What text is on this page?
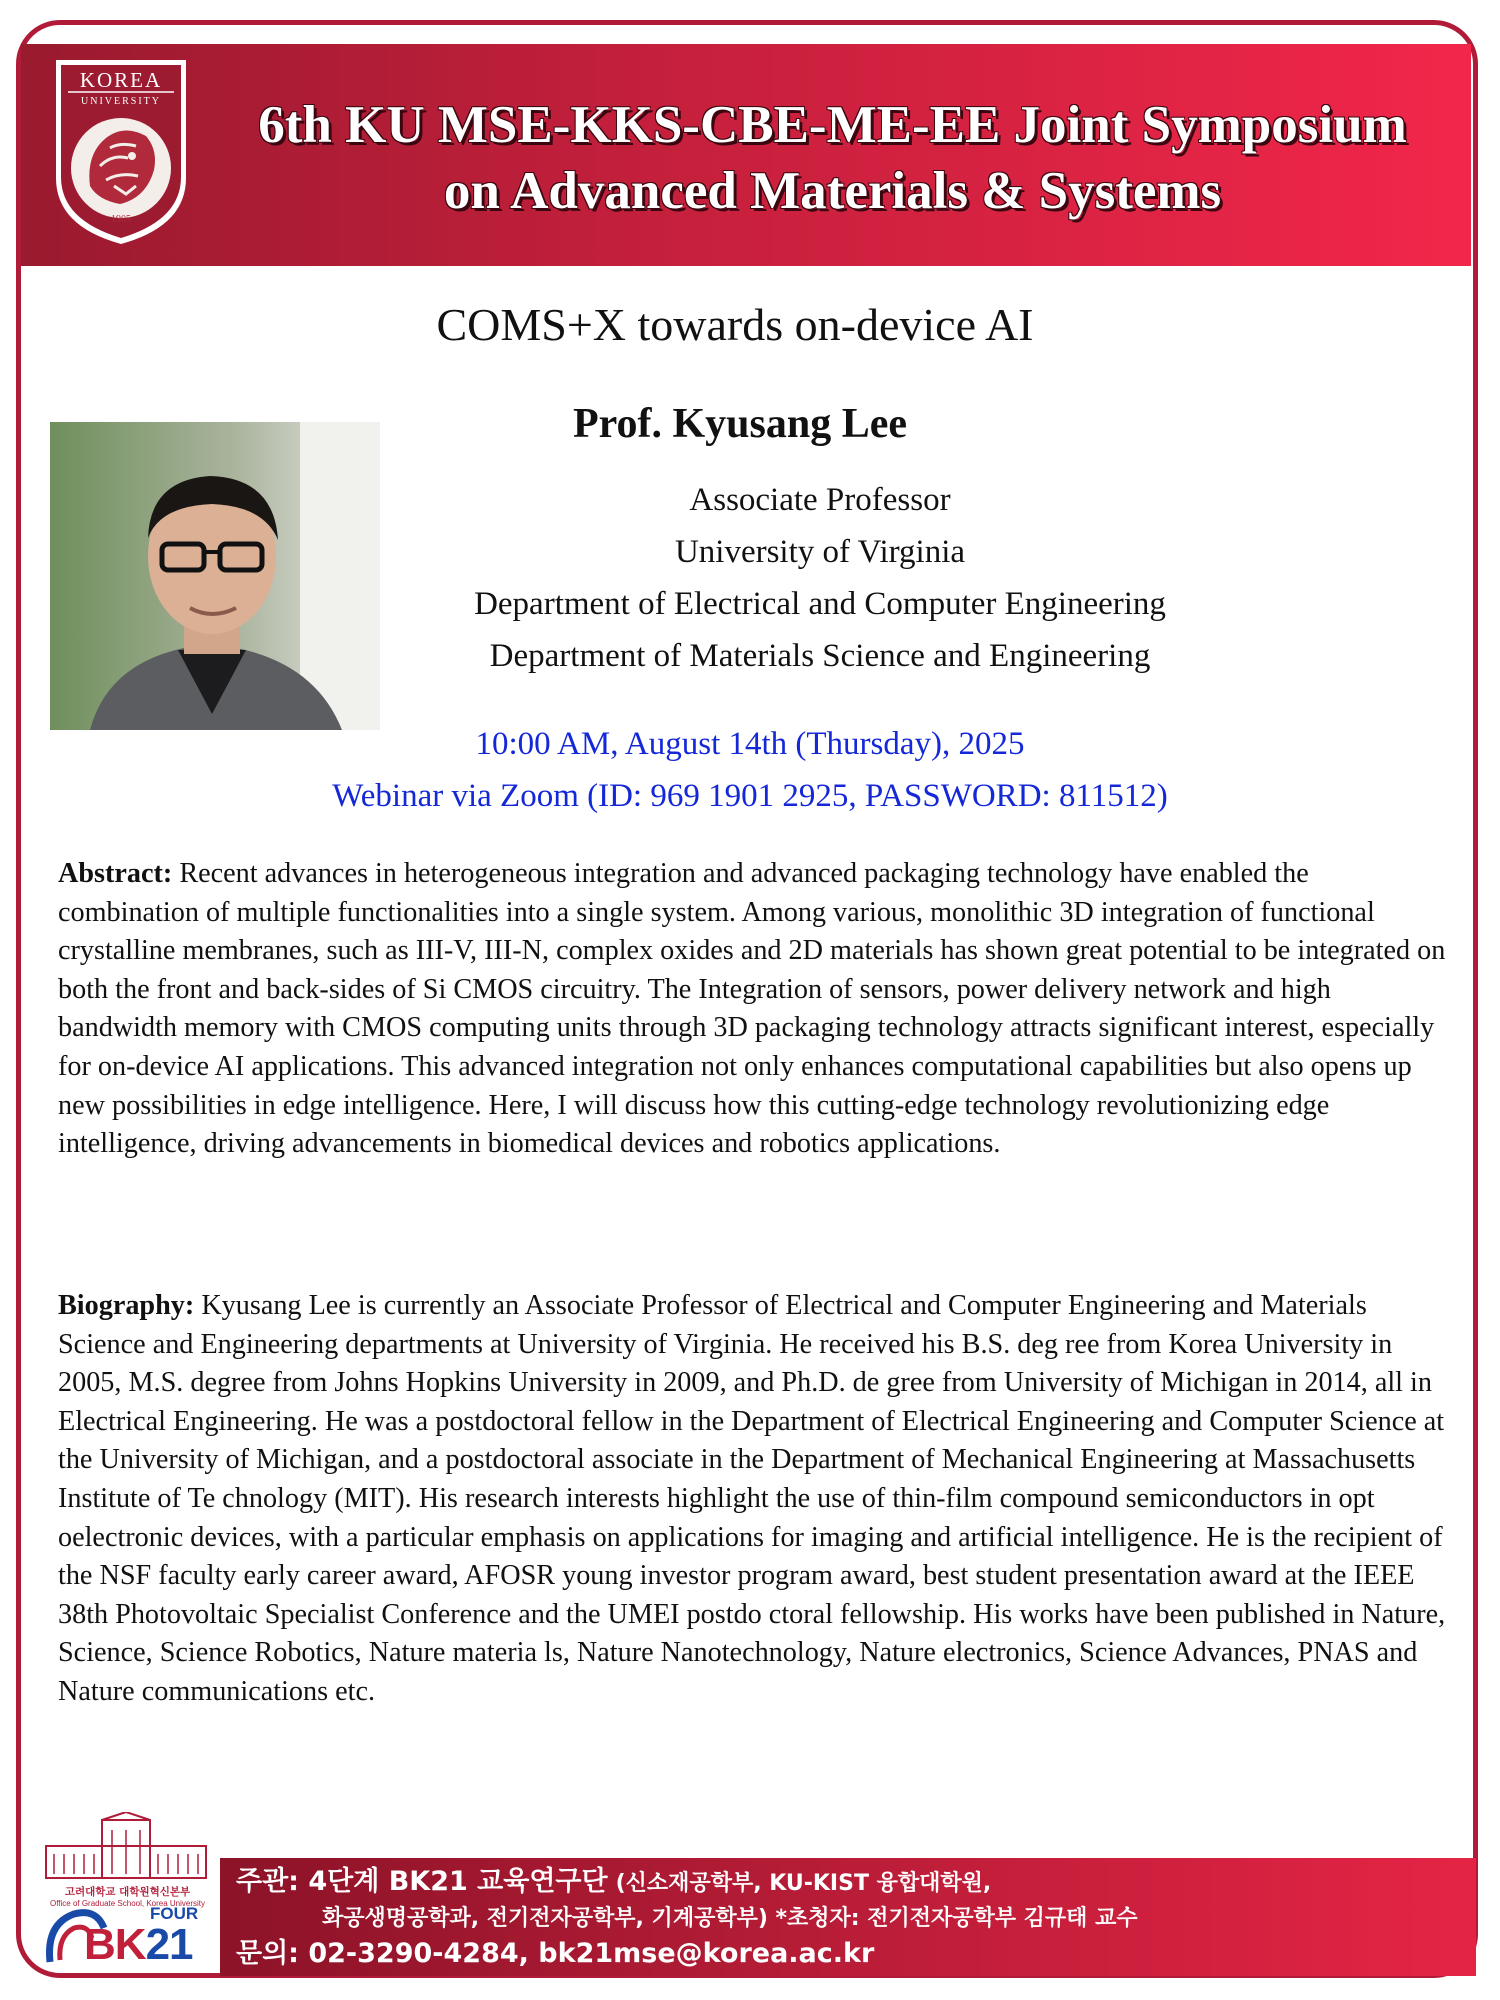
KOREA
UNIVERSITY
1905
6th KU MSE-KKS-CBE-ME-EE Joint Symposium
on Advanced Materials & Systems
COMS+X towards on-device AI
Prof. Kyusang Lee
Associate Professor
University of Virginia
Department of Electrical and Computer Engineering
Department of Materials Science and Engineering
10:00 AM, August 14th (Thursday), 2025
Webinar via Zoom (ID: 969 1901 2925, PASSWORD: 811512)
Abstract: Recent advances in heterogeneous integration and advanced packaging technology have enabled the combination of multiple functionalities into a single system. Among various, monolithic 3D integration of functional crystalline membranes, such as III-V, III-N, complex oxides and 2D materials has shown great potential to be integrated on both the front and back-sides of Si CMOS circuitry. The Integration of sensors, power delivery network and high bandwidth memory with CMOS computing units through 3D packaging technology attracts significant interest, especially for on-device AI applications. This advanced integration not only enhances computational capabilities but also opens up new possibilities in edge intelligence. Here, I will discuss how this cutting-edge technology revolutionizing edge intelligence, driving advancements in biomedical devices and robotics applications.
Biography: Kyusang Lee is currently an Associate Professor of Electrical and Computer Engineering and Materials Science and Engineering departments at University of Virginia. He received his B.S. deg ree from Korea University in 2005, M.S. degree from Johns Hopkins University in 2009, and Ph.D. de gree from University of Michigan in 2014, all in Electrical Engineering. He was a postdoctoral fellow in the Department of Electrical Engineering and Computer Science at the University of Michigan, and a postdoctoral associate in the Department of Mechanical Engineering at Massachusetts Institute of Te chnology (MIT). His research interests highlight the use of thin-film compound semiconductors in opt oelectronic devices, with a particular emphasis on applications for imaging and artificial intelligence. He is the recipient of the NSF faculty early career award, AFOSR young investor program award, best student presentation award at the IEEE 38th Photovoltaic Specialist Conference and the UMEI postdo ctoral fellowship. His works have been published in Nature, Science, Science Robotics, Nature materia ls, Nature Nanotechnology, Nature electronics, Science Advances, PNAS and Nature communications etc.
고려대학교 대학원혁신본부
Office of Graduate School, Korea University
FOUR
BK21
주관: 4단계 BK21 교육연구단 (신소재공학부, KU-KIST 융합대학원,
화공생명공학과, 전기전자공학부, 기계공학부) *초청자: 전기전자공학부 김규태 교수
문의: 02-3290-4284, bk21mse@korea.ac.kr
